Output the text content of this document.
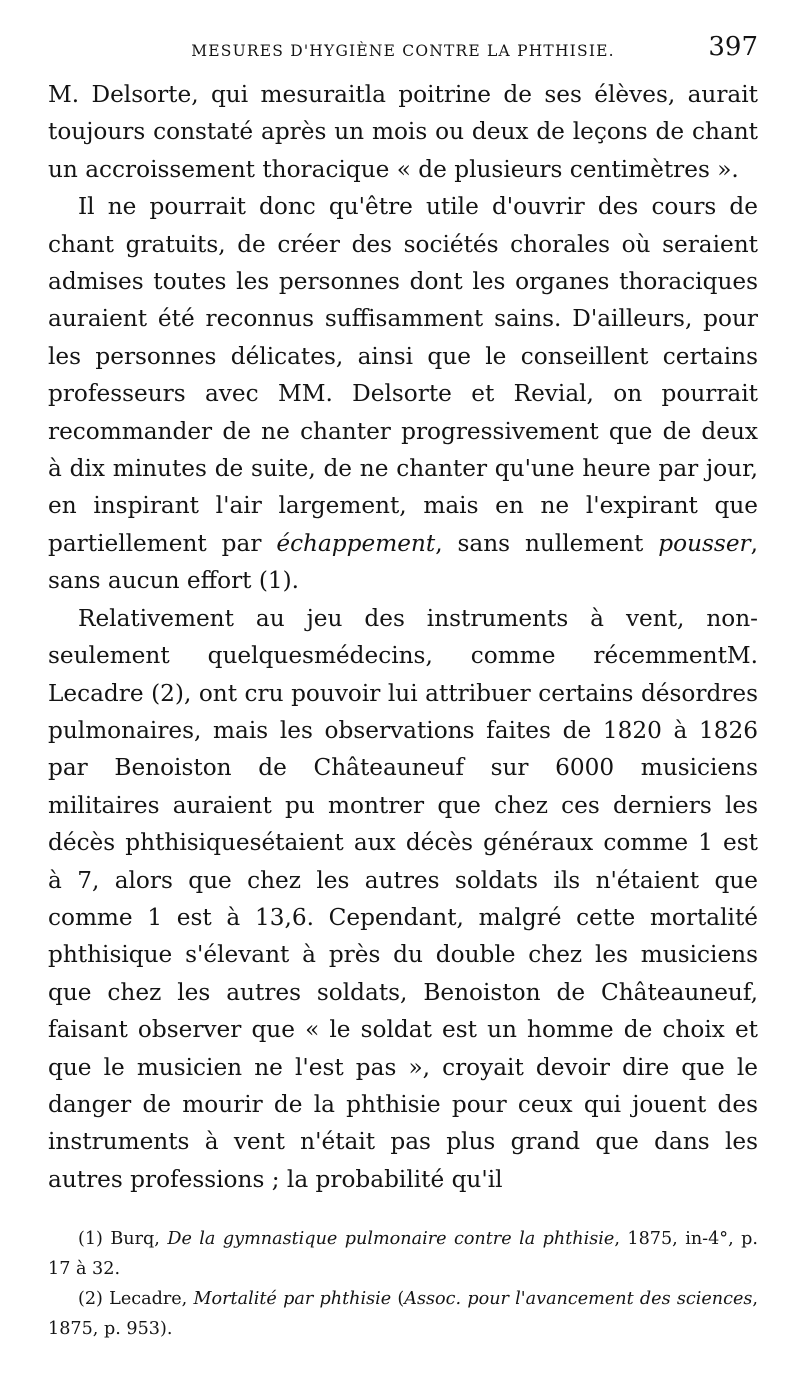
MESURES D'HYGIÈNE CONTRE LA PHTHISIE.	397

M. Delsorte, qui mesuraitla poitrine de ses élèves, aurait toujours constaté après un mois ou deux de leçons de chant un accroissement thoracique « de plusieurs centimètres ».

Il ne pourrait donc qu'être utile d'ouvrir des cours de chant gratuits, de créer des sociétés chorales où seraient admises toutes les personnes dont les organes thoraciques auraient été reconnus suffisamment sains. D'ailleurs, pour les personnes délicates, ainsi que le conseillent certains professeurs avec MM. Delsorte et Revial, on pourrait recommander de ne chanter progressivement que de deux à dix minutes de suite, de ne chanter qu'une heure par jour, en inspirant l'air largement, mais en ne l'expirant que partiellement par échappement, sans nullement pousser, sans aucun effort (1).

Relativement au jeu des instruments à vent, non-seulement quelquesmédecins, comme récemmentM. Lecadre (2), ont cru pouvoir lui attribuer certains désordres pulmonaires, mais les observations faites de 1820 à 1826 par Benoiston de Châteauneuf sur 6000 musiciens militaires auraient pu montrer que chez ces derniers les décès phthisiquesétaient aux décès généraux comme 1 est à 7, alors que chez les autres soldats ils n'étaient que comme 1 est à 13,6. Cependant, malgré cette mortalité phthisique s'élevant à près du double chez les musiciens que chez les autres soldats, Benoiston de Châteauneuf, faisant observer que « le soldat est un homme de choix et que le musicien ne l'est pas », croyait devoir dire que le danger de mourir de la phthisie pour ceux qui jouent des instruments à vent n'était pas plus grand que dans les autres professions ; la probabilité qu'il

(1) Burq, De la gymnastique pulmonaire contre la phthisie, 1875, in-4°, p. 17 à 32.

(2) Lecadre, Mortalité par phthisie (Assoc. pour l'avancement des sciences, 1875, p. 953).
